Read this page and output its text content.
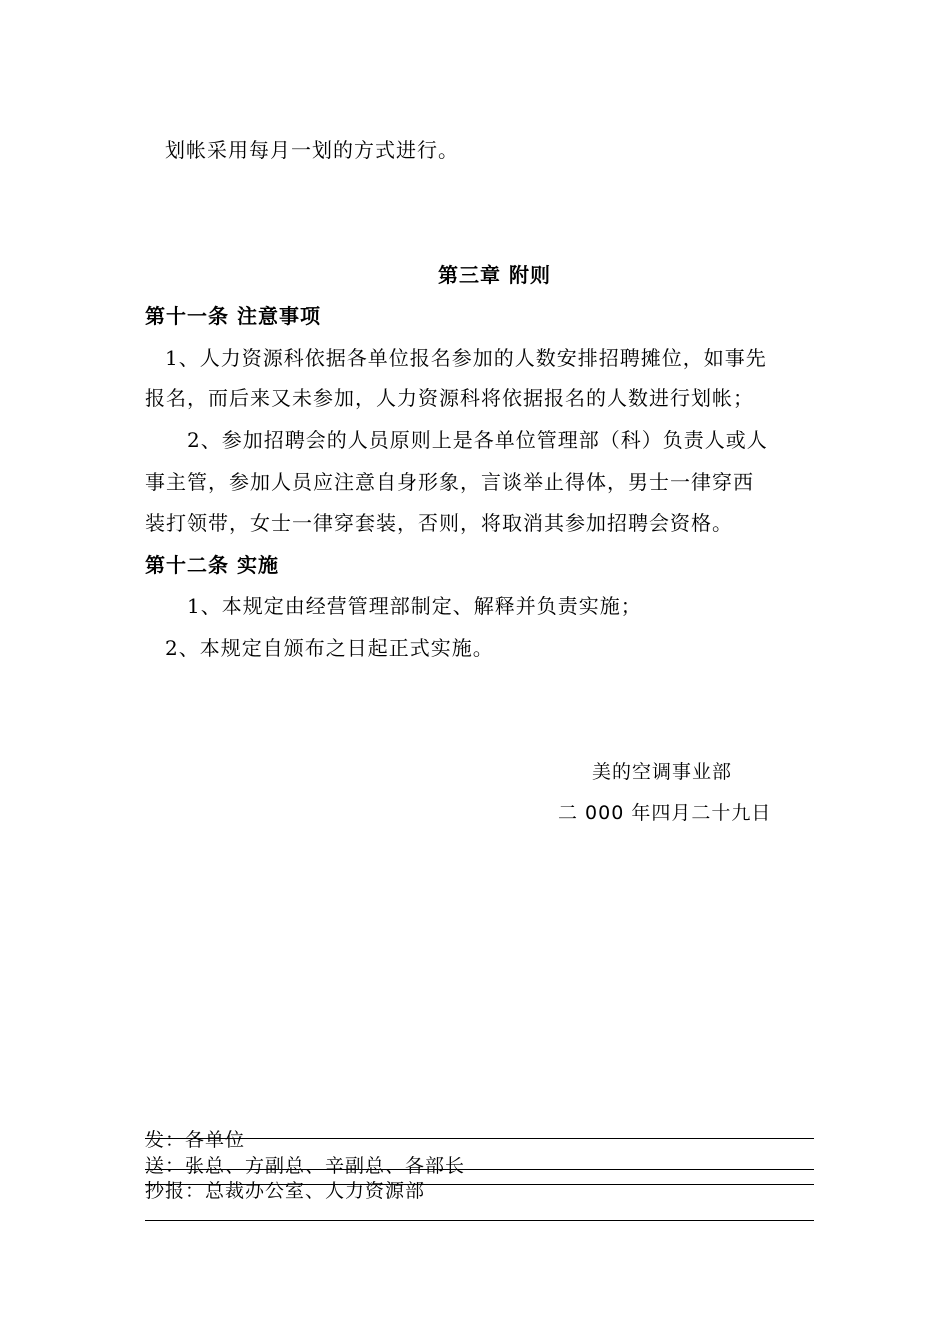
划帐采用每月一划的方式进行。
第三章 附则
第十一条 注意事项
1、人力资源科依据各单位报名参加的人数安排招聘摊位，如事先
报名，而后来又未参加，人力资源科将依据报名的人数进行划帐；
2、参加招聘会的人员原则上是各单位管理部（科）负责人或人
事主管，参加人员应注意自身形象，言谈举止得体，男士一律穿西
装打领带，女士一律穿套装，否则，将取消其参加招聘会资格。
第十二条 实施
1、本规定由经营管理部制定、解释并负责实施；
2、本规定自颁布之日起正式实施。
美的空调事业部
二 000 年四月二十九日
发：各单位
送：张总、方副总、辛副总、各部长
抄报：总裁办公室、人力资源部
